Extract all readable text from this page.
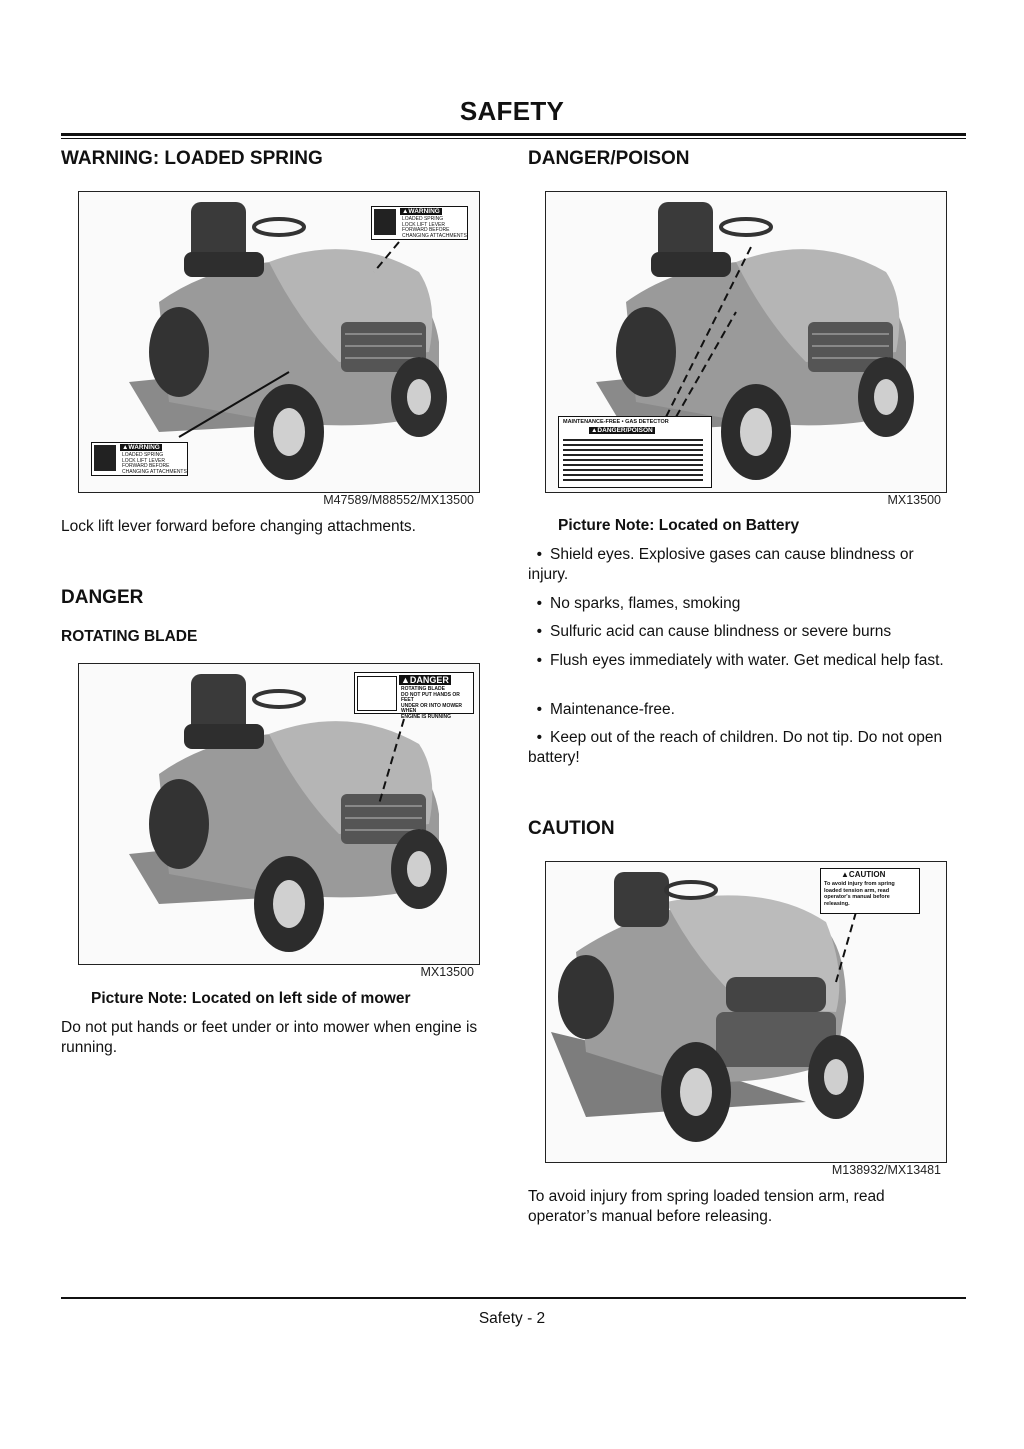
SAFETY
WARNING: LOADED SPRING
▲WARNING
LOADED SPRING
LOCK LIFT LEVER
FORWARD BEFORE
CHANGING ATTACHMENTS
▲WARNING
LOADED SPRING
LOCK LIFT LEVER
FORWARD BEFORE
CHANGING ATTACHMENTS
M47589/M88552/MX13500
Lock lift lever forward before changing attachments.
DANGER
ROTATING BLADE
▲DANGER
ROTATING BLADE
DO NOT PUT HANDS OR FEET
UNDER OR INTO MOWER WHEN
ENGINE IS RUNNING
MX13500
Picture Note: Located on left side of mower
Do not put hands or feet under or into mower when engine is running.
DANGER/POISON
MAINTENANCE-FREE • GAS DETECTOR
▲DANGER/POISON
MX13500
Picture Note: Located on Battery
• Shield eyes. Explosive gases can cause blindness or injury.
• No sparks, flames, smoking
• Sulfuric acid can cause blindness or severe burns
• Flush eyes immediately with water. Get medical help fast.
• Maintenance-free.
• Keep out of the reach of children. Do not tip. Do not open battery!
CAUTION
▲CAUTION
To avoid injury from spring
loaded tension arm, read
operator's manual before
releasing.
M138932/MX13481
To avoid injury from spring loaded tension arm, read operator’s manual before releasing.
Safety - 2
